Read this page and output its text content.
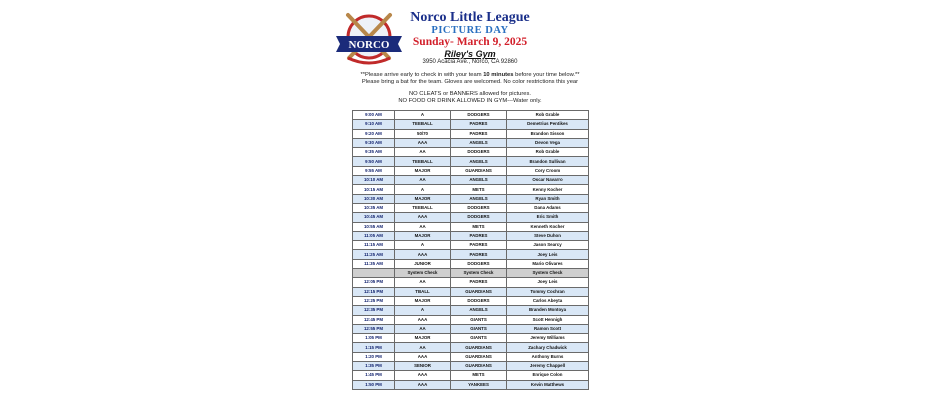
NORCO
Norco Little League
PICTURE DAY
Sunday- March 9, 2025
Riley's Gym
3950 Acacia Ave., Norco, CA 92860
**Please arrive early to check in with your team 10 minutes before your time below.**
Please bring a bat for the team. Gloves are welcomed. No color restrictions this year
NO CLEATS or BANNERS allowed for pictures.
NO FOOD OR DRINK ALLOWED IN GYM---Water only.
9:00 AM	A	DODGERS	Rob Grable
9:10 AM	TEEBALL	PADRES	Demetrius Pentikes
9:20 AM	50/70	PADRES	Brandon Sisson
9:30 AM	AAA	ANGELS	Devon Vega
9:35 AM	AA	DODGERS	Rob Grable
9:50 AM	TEEBALL	ANGELS	Brandon Sullivan
9:55 AM	MAJOR	GUARDIANS	Cory Croom
10:10 AM	AA	ANGELS	Oscar Navarro
10:15 AM	A	METS	Kenny Kocher
10:30 AM	MAJOR	ANGELS	Ryan Smith
10:35 AM	TEEBALL	DODGERS	Dana Adams
10:45 AM	AAA	DODGERS	Eric Smith
10:55 AM	AA	METS	Kenneth Kocher
11:05 AM	MAJOR	PADRES	Steve Duhon
11:15 AM	A	PADRES	Jason Searcy
11:25 AM	AAA	PADRES	Joey Leis
11:35 AM	JUNIOR	DODGERS	Mario Olivares
	System Check	System Check	System Check
12:05 PM	AA	PADRES	Joey Leis
12:15 PM	TBALL	GUARDIANS	Tommy Cochran
12:25 PM	MAJOR	DODGERS	Carlos Abeyta
12:35 PM	A	ANGELS	Branden Montoya
12:45 PM	AAA	GIANTS	Scott Hennigh
12:55 PM	AA	GIANTS	Ramon Scott
1:05 PM	MAJOR	GIANTS	Jeremy Williams
1:15 PM	AA	GUARDIANS	Zachary Chadwick
1:20 PM	AAA	GUARDIANS	Anthony Burns
1:35 PM	SENIOR	GUARDIANS	Jeremy Chappell
1:45 PM	AAA	METS	Enrique Colon
1:50 PM	AAA	YANKEES	Kevin Matthews
